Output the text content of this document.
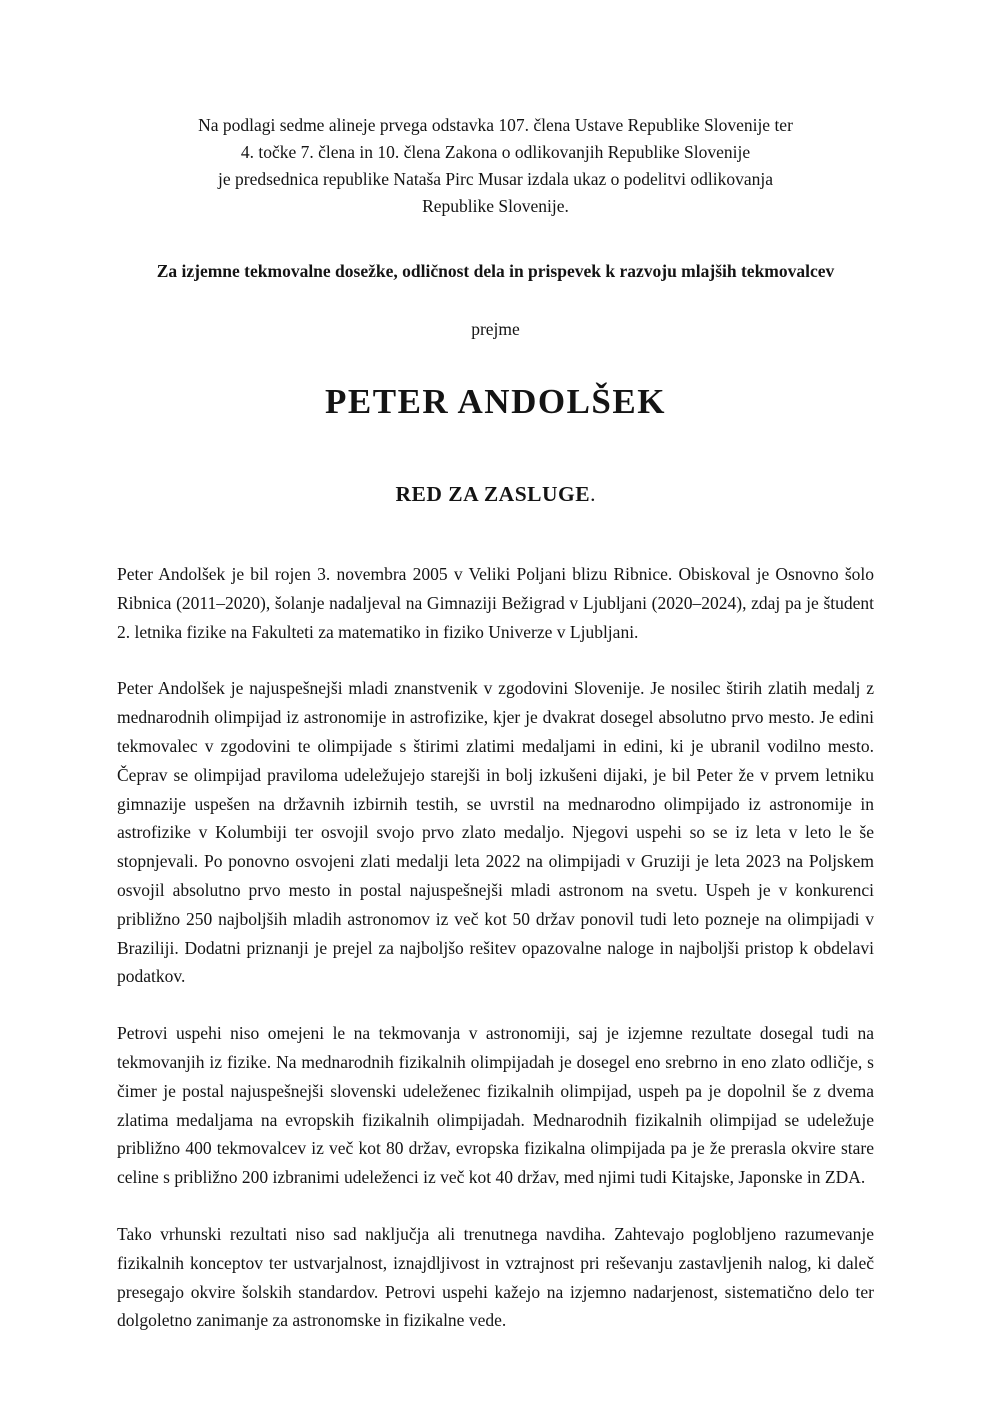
Na podlagi sedme alineje prvega odstavka 107. člena Ustave Republike Slovenije ter
4. točke 7. člena in 10. člena Zakona o odlikovanjih Republike Slovenije
je predsednica republike Nataša Pirc Musar izdala ukaz o podelitvi odlikovanja
Republike Slovenije.
Za izjemne tekmovalne dosežke, odličnost dela in prispevek k razvoju mlajših tekmovalcev
prejme
PETER ANDOLŠEK
RED ZA ZASLUGE.

Peter Andolšek je bil rojen 3. novembra 2005 v Veliki Poljani blizu Ribnice. Obiskoval je Osnovno šolo Ribnica (2011–2020), šolanje nadaljeval na Gimnaziji Bežigrad v Ljubljani (2020–2024), zdaj pa je študent 2. letnika fizike na Fakulteti za matematiko in fiziko Univerze v Ljubljani.

Peter Andolšek je najuspešnejši mladi znanstvenik v zgodovini Slovenije. Je nosilec štirih zlatih medalj z mednarodnih olimpijad iz astronomije in astrofizike, kjer je dvakrat dosegel absolutno prvo mesto. Je edini tekmovalec v zgodovini te olimpijade s štirimi zlatimi medaljami in edini, ki je ubranil vodilno mesto. Čeprav se olimpijad praviloma udeležujejo starejši in bolj izkušeni dijaki, je bil Peter že v prvem letniku gimnazije uspešen na državnih izbirnih testih, se uvrstil na mednarodno olimpijado iz astronomije in astrofizike v Kolumbiji ter osvojil svojo prvo zlato medaljo. Njegovi uspehi so se iz leta v leto le še stopnjevali. Po ponovno osvojeni zlati medalji leta 2022 na olimpijadi v Gruziji je leta 2023 na Poljskem osvojil absolutno prvo mesto in postal najuspešnejši mladi astronom na svetu. Uspeh je v konkurenci približno 250 najboljših mladih astronomov iz več kot 50 držav ponovil tudi leto pozneje na olimpijadi v Braziliji. Dodatni priznanji je prejel za najboljšo rešitev opazovalne naloge in najboljši pristop k obdelavi podatkov.

Petrovi uspehi niso omejeni le na tekmovanja v astronomiji, saj je izjemne rezultate dosegal tudi na tekmovanjih iz fizike. Na mednarodnih fizikalnih olimpijadah je dosegel eno srebrno in eno zlato odličje, s čimer je postal najuspešnejši slovenski udeleženec fizikalnih olimpijad, uspeh pa je dopolnil še z dvema zlatima medaljama na evropskih fizikalnih olimpijadah. Mednarodnih fizikalnih olimpijad se udeležuje približno 400 tekmovalcev iz več kot 80 držav, evropska fizikalna olimpijada pa je že prerasla okvire stare celine s približno 200 izbranimi udeleženci iz več kot 40 držav, med njimi tudi Kitajske, Japonske in ZDA.

Tako vrhunski rezultati niso sad naključja ali trenutnega navdiha. Zahtevajo poglobljeno razumevanje fizikalnih konceptov ter ustvarjalnost, iznajdljivost in vztrajnost pri reševanju zastavljenih nalog, ki daleč presegajo okvire šolskih standardov. Petrovi uspehi kažejo na izjemno nadarjenost, sistematično delo ter dolgoletno zanimanje za astronomske in fizikalne vede.
